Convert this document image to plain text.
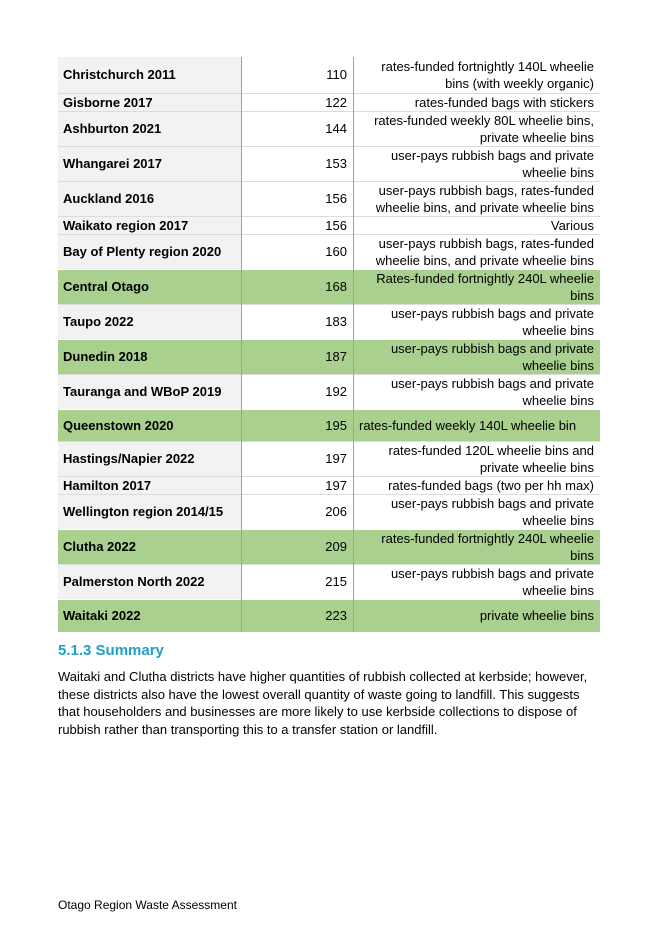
Christchurch 2011	110	rates-funded fortnightly 140L wheelie bins (with weekly organic)
Gisborne 2017	122	rates-funded bags with stickers
Ashburton 2021	144	rates-funded weekly 80L wheelie bins, private wheelie bins
Whangarei 2017	153	user-pays rubbish bags and private wheelie bins
Auckland 2016	156	user-pays rubbish bags, rates-funded wheelie bins, and private wheelie bins
Waikato region 2017	156	Various
Bay of Plenty region 2020	160	user-pays rubbish bags, rates-funded wheelie bins, and private wheelie bins
Central Otago	168	Rates-funded fortnightly 240L wheelie bins
Taupo 2022	183	user-pays rubbish bags and private wheelie bins
Dunedin 2018	187	user-pays rubbish bags and private wheelie bins
Tauranga and WBoP 2019	192	user-pays rubbish bags and private wheelie bins
Queenstown 2020	195	rates-funded weekly 140L wheelie bin
Hastings/Napier 2022	197	rates-funded 120L wheelie bins and private wheelie bins
Hamilton 2017	197	rates-funded bags (two per hh max)
Wellington region 2014/15	206	user-pays rubbish bags and private wheelie bins
Clutha 2022	209	rates-funded fortnightly 240L wheelie bins
Palmerston North 2022	215	user-pays rubbish bags and private wheelie bins
Waitaki 2022	223	private wheelie bins
5.1.3 Summary

Waitaki and Clutha districts have higher quantities of rubbish collected at kerbside; however, these districts also have the lowest overall quantity of waste going to landfill. This suggests that householders and businesses are more likely to use kerbside collections to dispose of rubbish rather than transporting this to a transfer station or landfill.

Otago Region Waste Assessment
